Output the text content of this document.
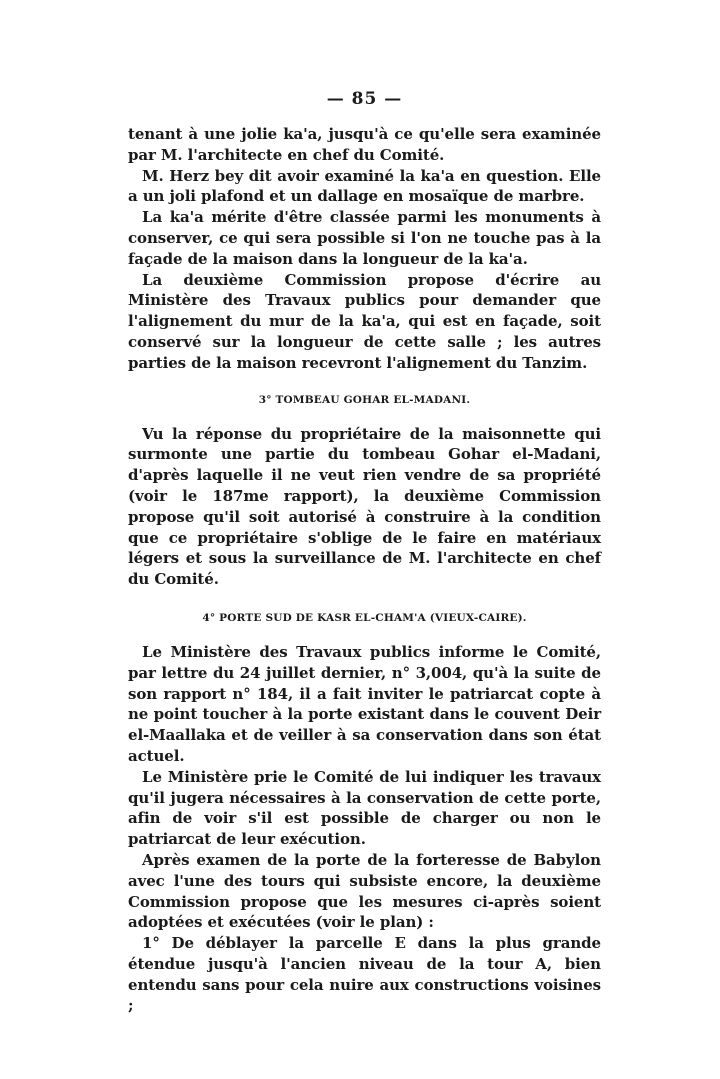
— 85 —

tenant à une jolie ka'a, jusqu'à ce qu'elle sera examinée par M. l'architecte en chef du Comité.

M. Herz bey dit avoir examiné la ka'a en question. Elle a un joli plafond et un dallage en mosaïque de marbre.

La ka'a mérite d'être classée parmi les monuments à conserver, ce qui sera possible si l'on ne touche pas à la façade de la maison dans la longueur de la ka'a.

La deuxième Commission propose d'écrire au Ministère des Travaux publics pour demander que l'alignement du mur de la ka'a, qui est en façade, soit conservé sur la longueur de cette salle ; les autres parties de la maison recevront l'alignement du Tanzim.

3° TOMBEAU GOHAR EL-MADANI.

Vu la réponse du propriétaire de la maisonnette qui surmonte une partie du tombeau Gohar el-Madani, d'après laquelle il ne veut rien vendre de sa propriété (voir le 187me rapport), la deuxième Commission propose qu'il soit autorisé à construire à la condition que ce propriétaire s'oblige de le faire en matériaux légers et sous la surveillance de M. l'architecte en chef du Comité.

4° PORTE SUD DE KASR EL-CHAM'A (VIEUX-CAIRE).

Le Ministère des Travaux publics informe le Comité, par lettre du 24 juillet dernier, n° 3,004, qu'à la suite de son rapport n° 184, il a fait inviter le patriarcat copte à ne point toucher à la porte existant dans le couvent Deir el-Maallaka et de veiller à sa conservation dans son état actuel.

Le Ministère prie le Comité de lui indiquer les travaux qu'il jugera nécessaires à la conservation de cette porte, afin de voir s'il est possible de charger ou non le patriarcat de leur exécution.

Après examen de la porte de la forteresse de Babylon avec l'une des tours qui subsiste encore, la deuxième Commission propose que les mesures ci-après soient adoptées et exécutées (voir le plan) :

1° De déblayer la parcelle E dans la plus grande étendue jusqu'à l'ancien niveau de la tour A, bien entendu sans pour cela nuire aux constructions voisines ;
